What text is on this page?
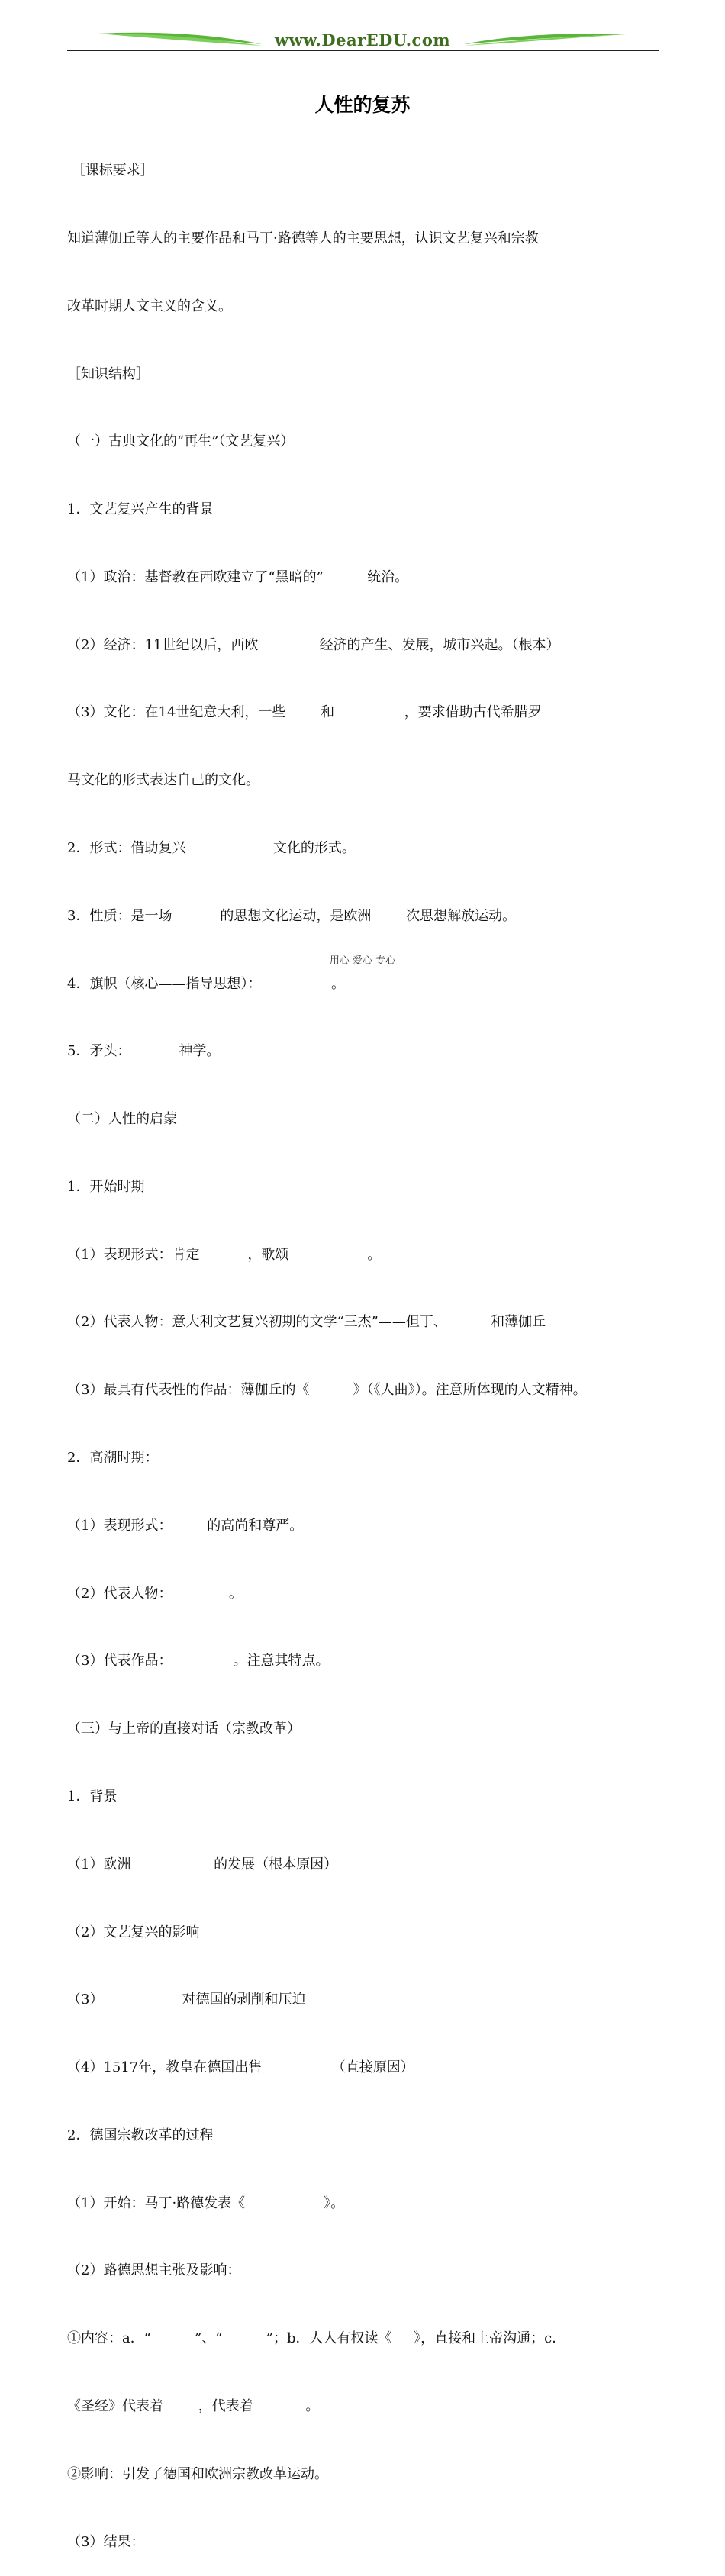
www.DearEDU.com
人性的复苏

［课标要求］

知道薄伽丘等人的主要作品和马丁·路德等人的主要思想，认识文艺复兴和宗教

改革时期人文主义的含义。

［知识结构］

（一）古典文化的“再生”（文艺复兴）

1．文艺复兴产生的背景

（1）政治：基督教在西欧建立了“黑暗的”          统治。

（2）经济：11世纪以后，西欧              经济的产生、发展，城市兴起。（根本）

（3）文化：在14世纪意大利，一些        和                ，要求借助古代希腊罗

马文化的形式表达自己的文化。

2．形式：借助复兴                    文化的形式。

3．性质：是一场           的思想文化运动，是欧洲        次思想解放运动。

4．旗帜（核心——指导思想）：                。

5．矛头：           神学。

（二）人性的启蒙

1．开始时期

（1）表现形式：肯定           ，歌颂                  。

（2）代表人物：意大利文艺复兴初期的文学“三杰”——但丁、          和薄伽丘

（3）最具有代表性的作品：薄伽丘的《          》（《人曲》）。注意所体现的人文精神。

2．高潮时期：

（1）表现形式：        的高尚和尊严。

（2）代表人物：             。

（3）代表作品：              。注意其特点。

（三）与上帝的直接对话（宗教改革）

1．背景

（1）欧洲                   的发展（根本原因）

（2）文艺复兴的影响

（3）                  对德国的剥削和压迫

（4）1517年，教皇在德国出售                （直接原因）

2．德国宗教改革的过程

（1）开始：马丁·路德发表《                  》。

（2）路德思想主张及影响：

①内容：a．“          ”、“          ”；b．人人有权读《     》，直接和上帝沟通；c．

《圣经》代表着        ，代表着            。

②影响：引发了德国和欧洲宗教改革运动。

（3）结果：

用心 爱心 专心
